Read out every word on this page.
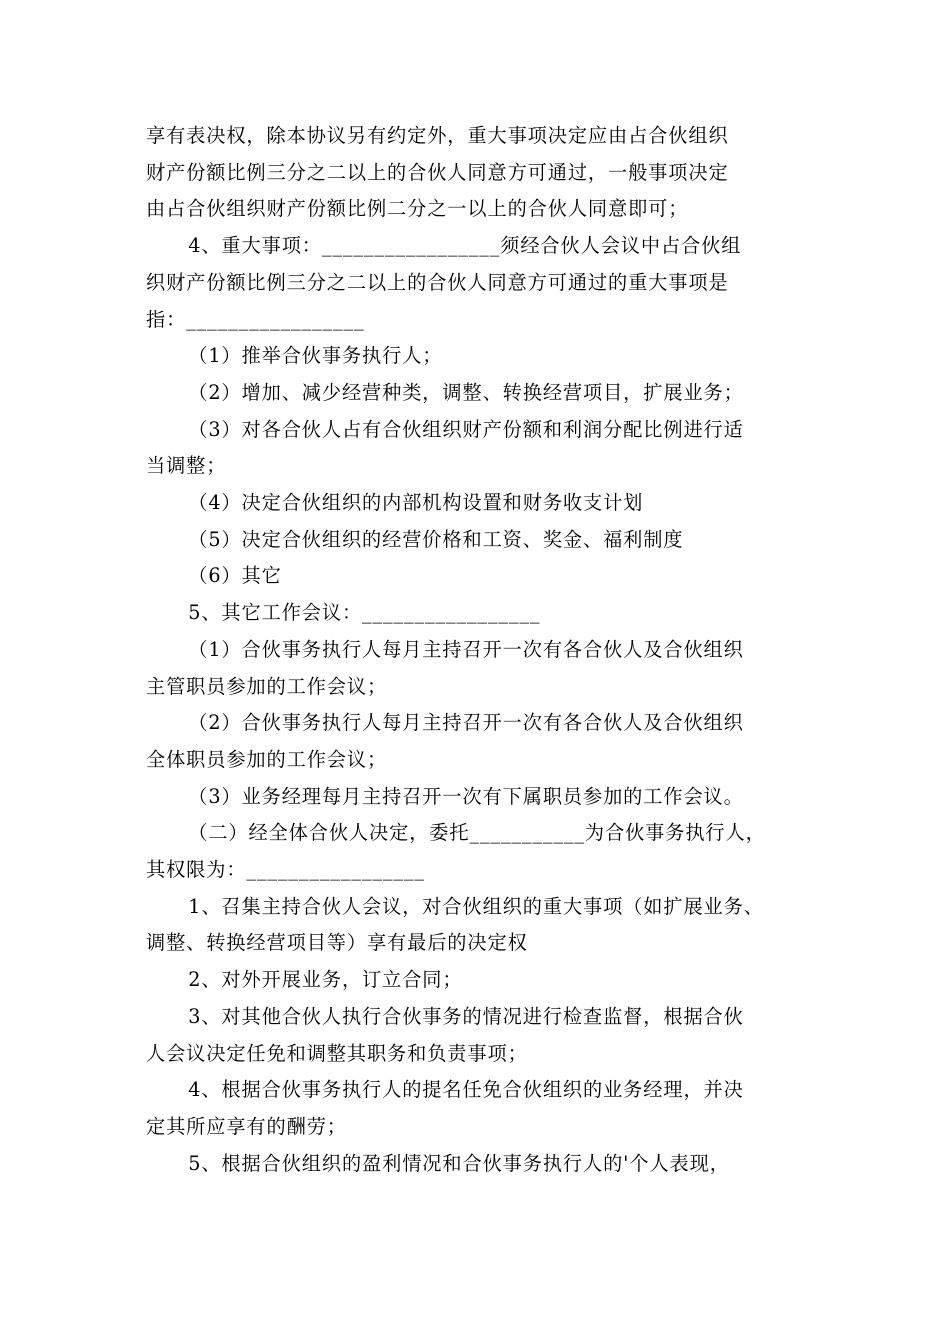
享有表决权，除本协议另有约定外，重大事项决定应由占合伙组织
财产份额比例三分之二以上的合伙人同意方可通过，一般事项决定
由占合伙组织财产份额比例二分之一以上的合伙人同意即可；

4、重大事项：_________________须经合伙人会议中占合伙组
织财产份额比例三分之二以上的合伙人同意方可通过的重大事项是
指：_________________

（1）推举合伙事务执行人；

（2）增加、减少经营种类，调整、转换经营项目，扩展业务；

（3）对各合伙人占有合伙组织财产份额和利润分配比例进行适
当调整；

（4）决定合伙组织的内部机构设置和财务收支计划

（5）决定合伙组织的经营价格和工资、奖金、福利制度

（6）其它

5、其它工作会议：_________________

（1）合伙事务执行人每月主持召开一次有各合伙人及合伙组织
主管职员参加的工作会议；

（2）合伙事务执行人每月主持召开一次有各合伙人及合伙组织
全体职员参加的工作会议；

（3）业务经理每月主持召开一次有下属职员参加的工作会议。

（二）经全体合伙人决定，委托___________为合伙事务执行人，
其权限为：_________________

1、召集主持合伙人会议，对合伙组织的重大事项（如扩展业务、
调整、转换经营项目等）享有最后的决定权

2、对外开展业务，订立合同；

3、对其他合伙人执行合伙事务的情况进行检查监督，根据合伙
人会议决定任免和调整其职务和负责事项；

4、根据合伙事务执行人的提名任免合伙组织的业务经理，并决
定其所应享有的酬劳；

5、根据合伙组织的盈利情况和合伙事务执行人的'个人表现，
